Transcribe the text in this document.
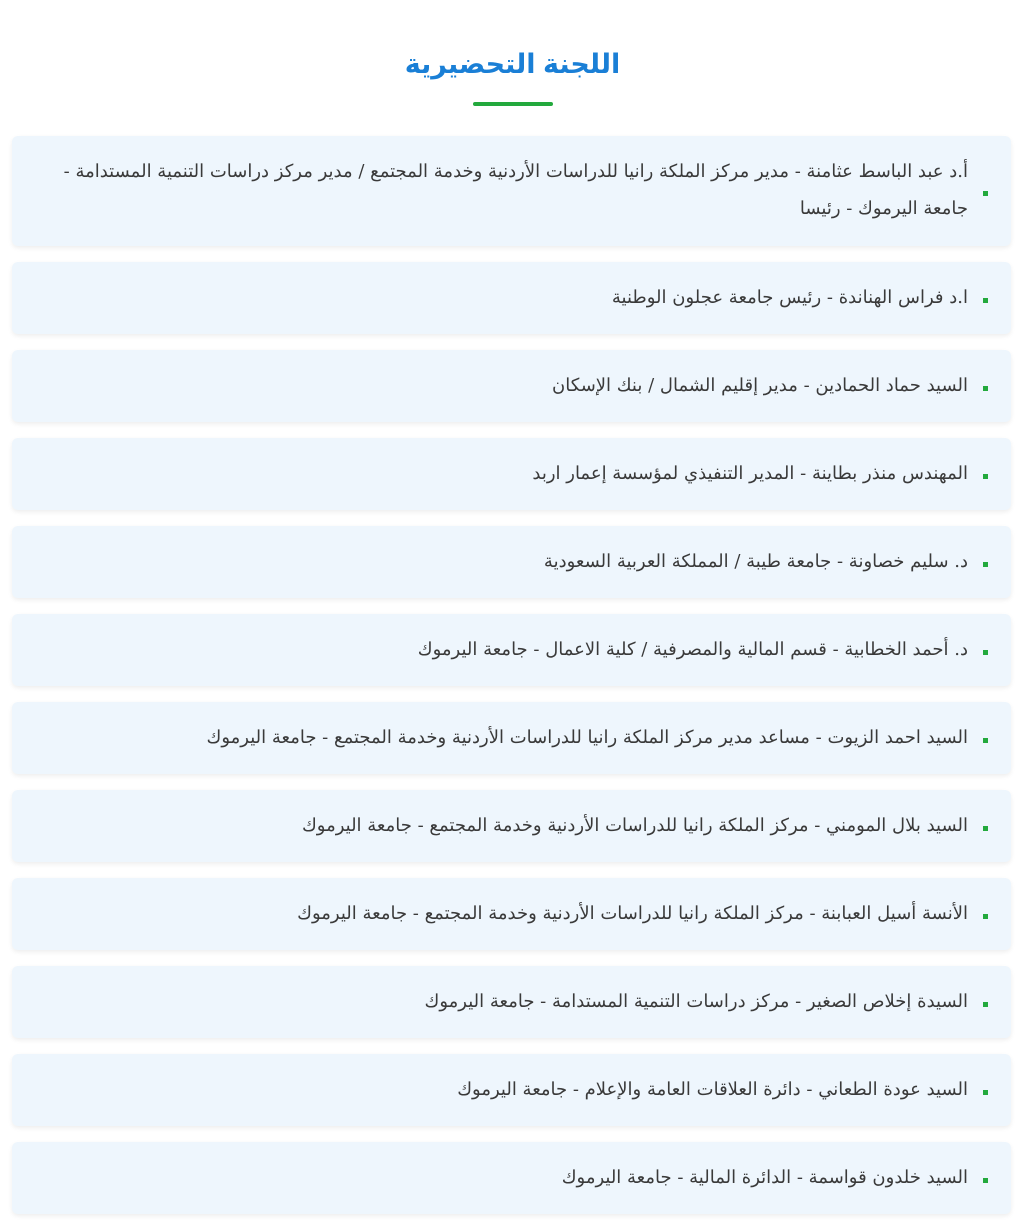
اللجنة التحضيرية
أ.د عبد الباسط عثامنة - مدير مركز الملكة رانيا للدراسات الأردنية وخدمة المجتمع / مدير مركز دراسات التنمية المستدامة - جامعة اليرموك - رئيسا
ا.د فراس الهناندة - رئيس جامعة عجلون الوطنية
السيد حماد الحمادين - مدير إقليم الشمال / بنك الإسكان
المهندس منذر بطاينة - المدير التنفيذي لمؤسسة إعمار اربد
د. سليم خصاونة - جامعة طيبة / المملكة العربية السعودية
د. أحمد الخطابية - قسم المالية والمصرفية / كلية الاعمال - جامعة اليرموك
السيد احمد الزيوت - مساعد مدير مركز الملكة رانيا للدراسات الأردنية وخدمة المجتمع - جامعة اليرموك
السيد بلال المومني - مركز الملكة رانيا للدراسات الأردنية وخدمة المجتمع - جامعة اليرموك
الأنسة أسيل العبابنة - مركز الملكة رانيا للدراسات الأردنية وخدمة المجتمع - جامعة اليرموك
السيدة إخلاص الصغير - مركز دراسات التنمية المستدامة - جامعة اليرموك
السيد عودة الطعاني - دائرة العلاقات العامة والإعلام - جامعة اليرموك
السيد خلدون قواسمة - الدائرة المالية - جامعة اليرموك
